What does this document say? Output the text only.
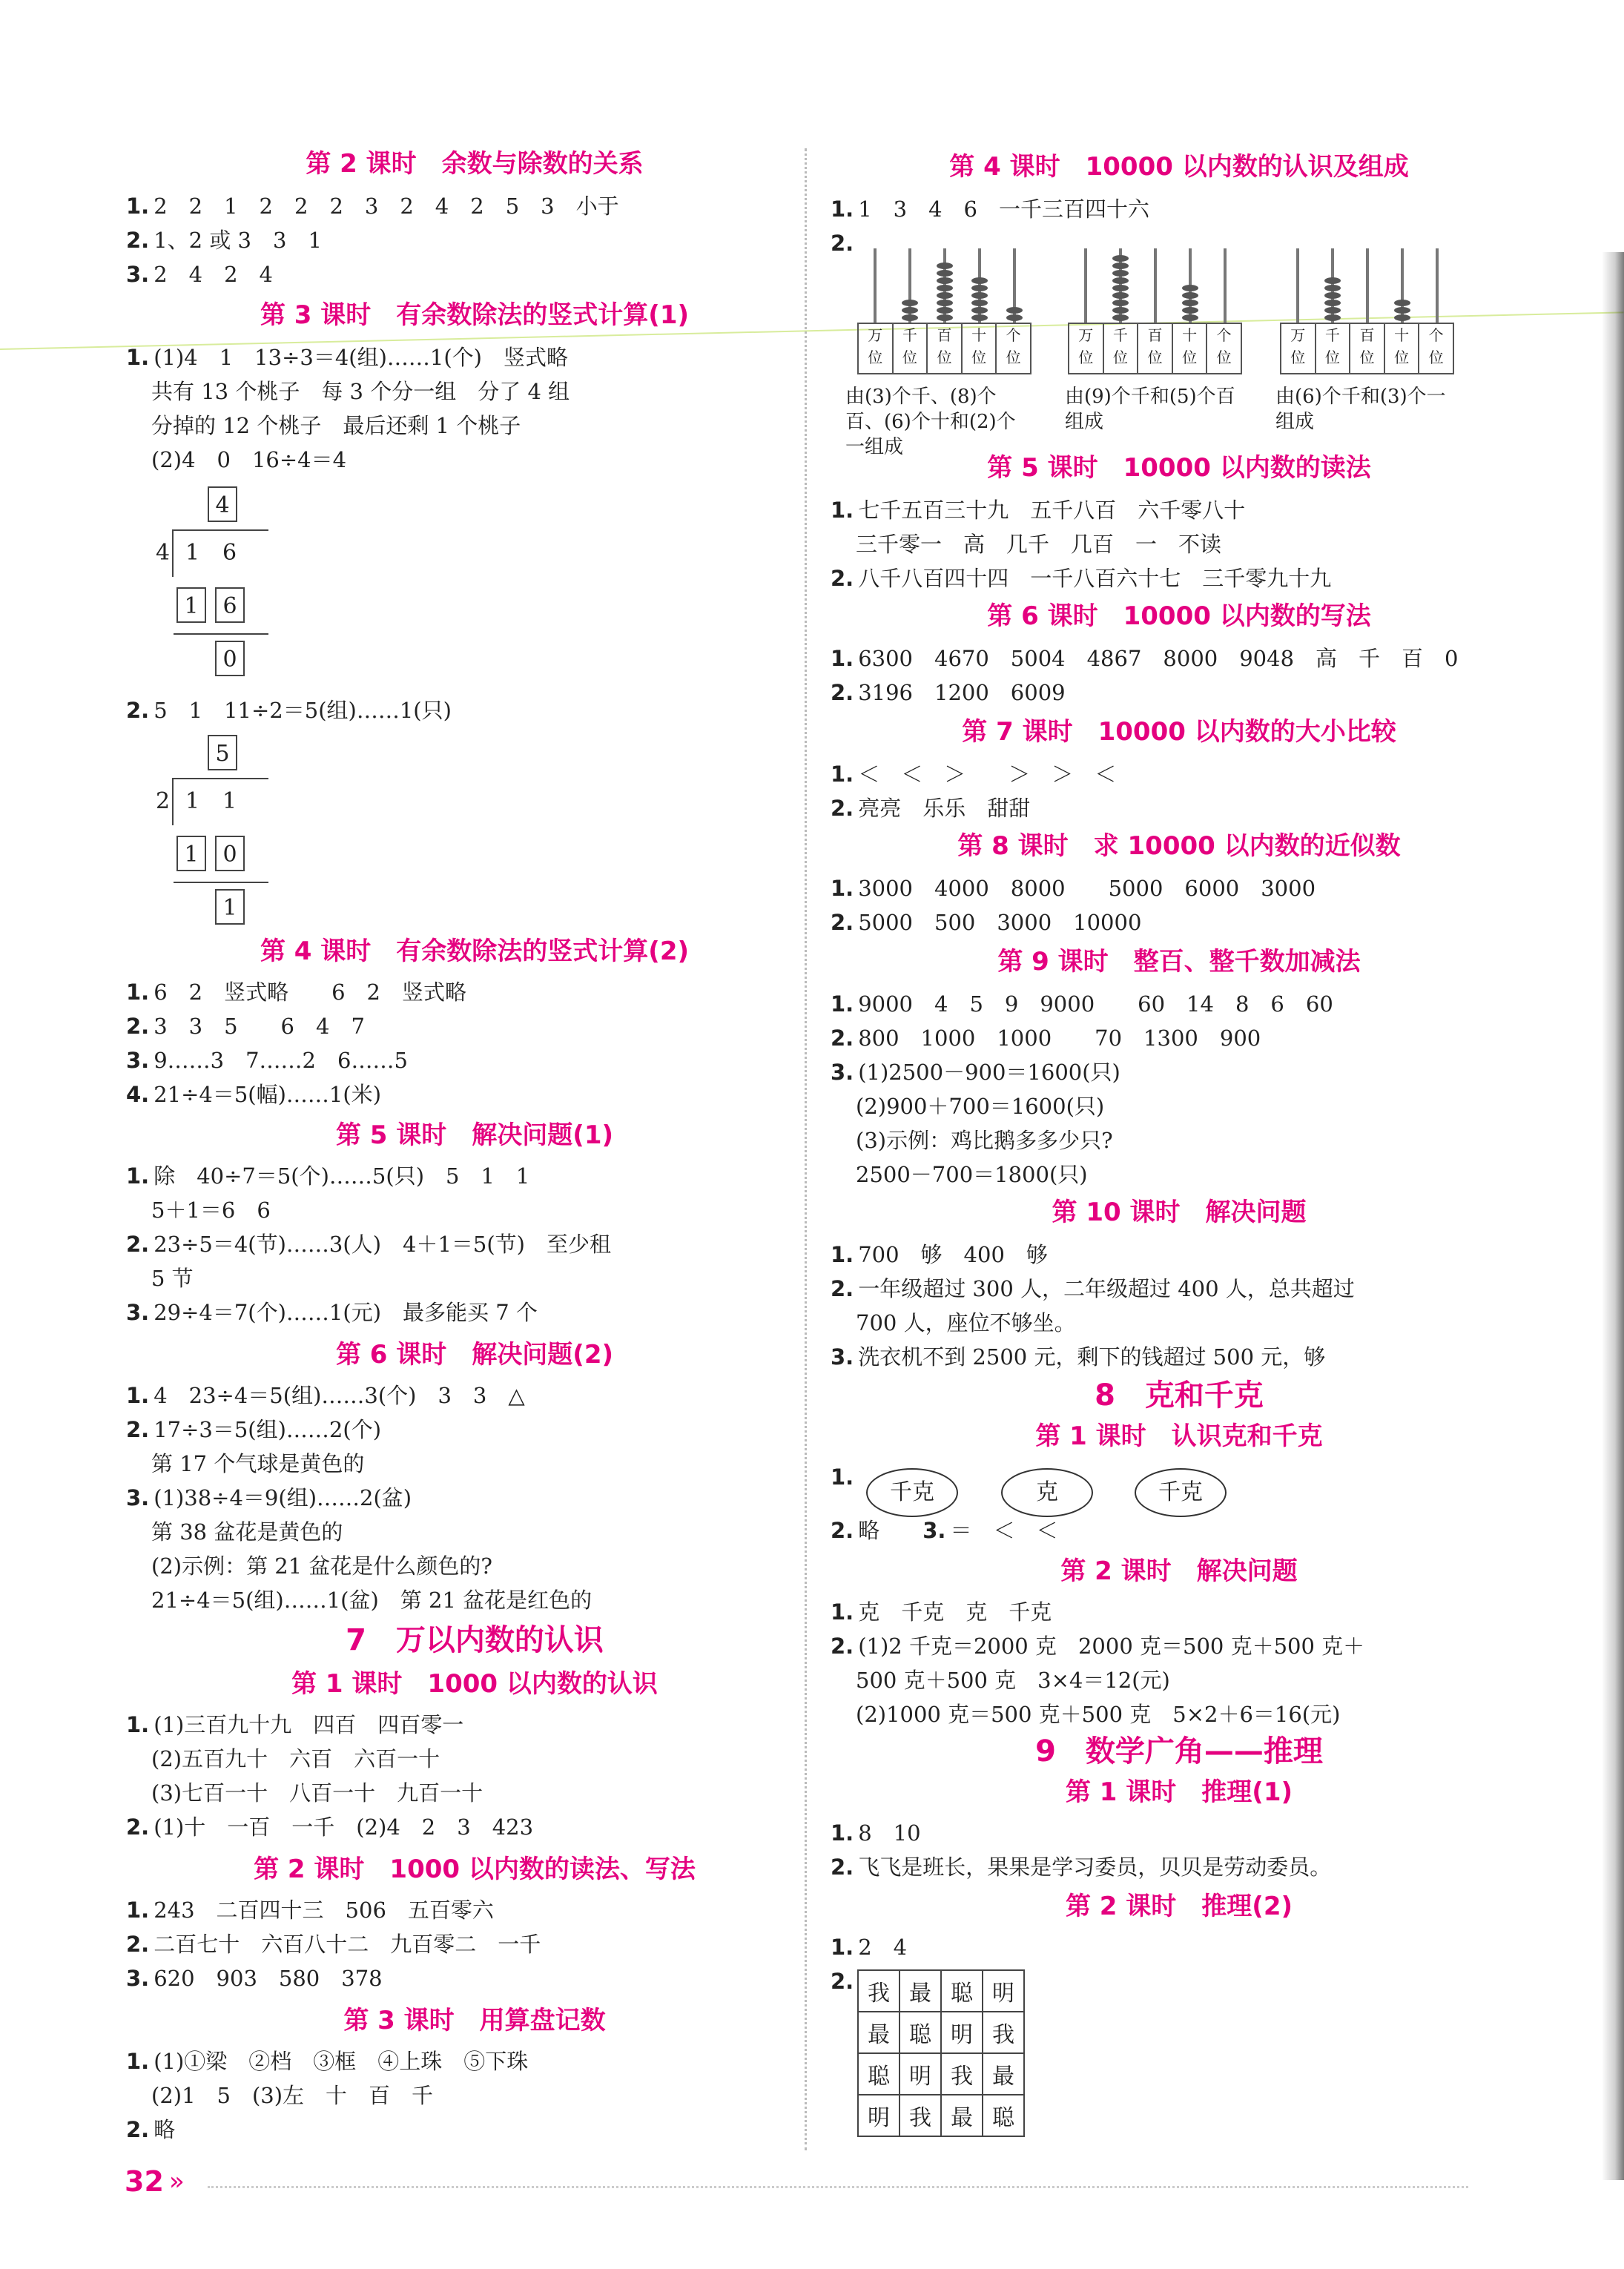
第 2 课时　余数与除数的关系
1. 2　2　1　2　2　2　3　2　4　2　5　3　小于
2. 1、2 或 3　3　1
3. 2　4　2　4
第 3 课时　有余数除法的竖式计算(1)
1. (1)4　1　13÷3＝4(组)……1(个)　竖式略
共有 13 个桃子　每 3 个分一组　分了 4 组
分掉的 12 个桃子　最后还剩 1 个桃子
(2)4　0　16÷4＝4
4
4 1 6
1	6
0
2. 5　1　11÷2＝5(组)……1(只)
5
2 1 1
1	0
1
第 4 课时　有余数除法的竖式计算(2)
1. 6　2　竖式略　　6　2　竖式略
2. 3　3　5　　6　4　7
3. 9……3　7……2　6……5
4. 21÷4＝5(幅)……1(米)
第 5 课时　解决问题(1)
1. 除　40÷7＝5(个)……5(只)　5　1　1
5＋1＝6　6
2. 23÷5＝4(节)……3(人)　4＋1＝5(节)　至少租
5 节
3. 29÷4＝7(个)……1(元)　最多能买 7 个
第 6 课时　解决问题(2)
1. 4　23÷4＝5(组)……3(个)　3　3　△
2. 17÷3＝5(组)……2(个)
第 17 个气球是黄色的
3. (1)38÷4＝9(组)……2(盆)
第 38 盆花是黄色的
(2)示例：第 21 盆花是什么颜色的?
21÷4＝5(组)……1(盆)　第 21 盆花是红色的
7　万以内数的认识
第 1 课时　1000 以内数的认识
1. (1)三百九十九　四百　四百零一
(2)五百九十　六百　六百一十
(3)七百一十　八百一十　九百一十
2. (1)十　一百　一千　(2)4　2　3　423
第 2 课时　1000 以内数的读法、写法
1. 243　二百四十三　506　五百零六
2. 二百七十　六百八十二　九百零二　一千
3. 620　903　580　378
第 3 课时　用算盘记数
1. (1)①梁　②档　③框　④上珠　⑤下珠
(2)1　5　(3)左　十　百　千
2. 略
第 4 课时　10000 以内数的认识及组成
1. 1　3　4　6　一千三百四十六
2.
万
位
千
位
百
位
十
位
个
位
万
位
千
位
百
位
十
位
个
位
万
位
千
位
百
位
十
位
个
位
由(3)个千、(8)个百、(6)个十和(2)个一组成
由(9)个千和(5)个百组成
由(6)个千和(3)个一组成
第 5 课时　10000 以内数的读法
1. 七千五百三十九　五千八百　六千零八十
三千零一　高　几千　几百　一　不读
2. 八千八百四十四　一千八百六十七　三千零九十九
第 6 课时　10000 以内数的写法
1. 6300　4670　5004　4867　8000　9048　高　千　百　0
2. 3196　1200　6009
第 7 课时　10000 以内数的大小比较
1. ＜　＜　＞　　＞　＞　＜
2. 亮亮　乐乐　甜甜
第 8 课时　求 10000 以内数的近似数
1. 3000　4000　8000　　5000　6000　3000
2. 5000　500　3000　10000
第 9 课时　整百、整千数加减法
1. 9000　4　5　9　9000　　60　14　8　6　60
2. 800　1000　1000　　70　1300　900
3. (1)2500－900＝1600(只)
(2)900＋700＝1600(只)
(3)示例：鸡比鹅多多少只?
2500－700＝1800(只)
第 10 课时　解决问题
1. 700　够　400　够
2. 一年级超过 300 人，二年级超过 400 人，总共超过
700 人，座位不够坐。
3. 洗衣机不到 2500 元，剩下的钱超过 500 元，够
8　克和千克
第 1 课时　认识克和千克
1.
千克	克	千克
2. 略　　 3. ＝　＜　＜
第 2 课时　解决问题
1. 克　千克　克　千克
2. (1)2 千克＝2000 克　2000 克＝500 克＋500 克＋
500 克＋500 克　3×4＝12(元)
(2)1000 克＝500 克＋500 克　5×2＋6＝16(元)
9　数学广角——推理
第 1 课时　推理(1)
1. 8　10
2. 飞飞是班长，果果是学习委员，贝贝是劳动委员。
第 2 课时　推理(2)
1. 2　4
2. 我	最	聪	明
最	聪	明	我
聪	明	我	最
明	我	最	聪
32 »
